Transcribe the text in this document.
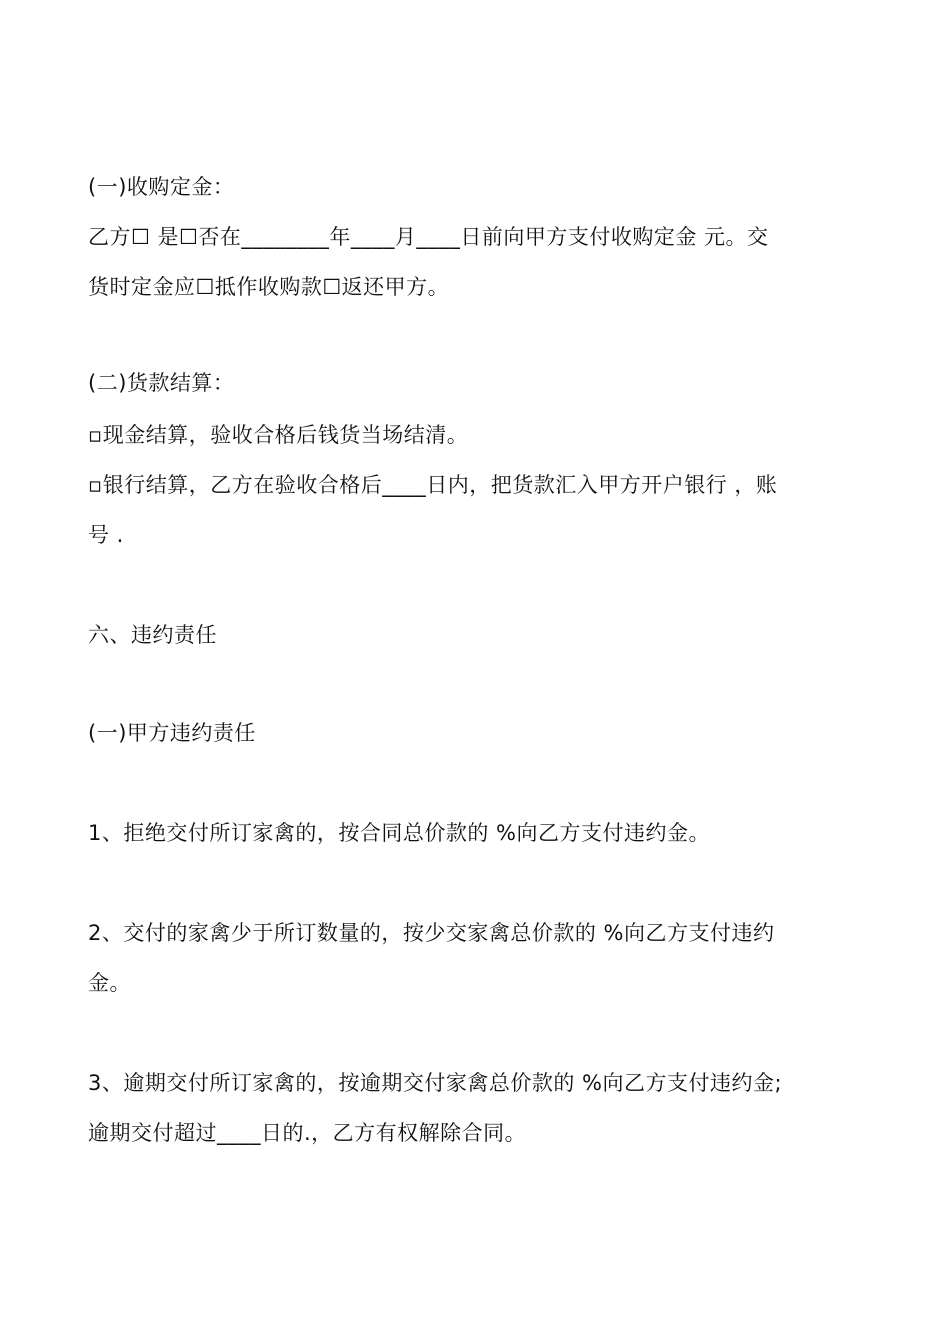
(一)收购定金：
乙方☐ 是☐否在________年____月____日前向甲方支付收购定金 元。交
货时定金应☐抵作收购款☐返还甲方。
(二)货款结算：
▫现金结算，验收合格后钱货当场结清。
▫银行结算，乙方在验收合格后____日内，把货款汇入甲方开户银行 ，账
号 .
六、违约责任
(一)甲方违约责任
1、拒绝交付所订家禽的，按合同总价款的 %向乙方支付违约金。
2、交付的家禽少于所订数量的，按少交家禽总价款的 %向乙方支付违约
金。
3、逾期交付所订家禽的，按逾期交付家禽总价款的 %向乙方支付违约金;
逾期交付超过____日的.，乙方有权解除合同。
